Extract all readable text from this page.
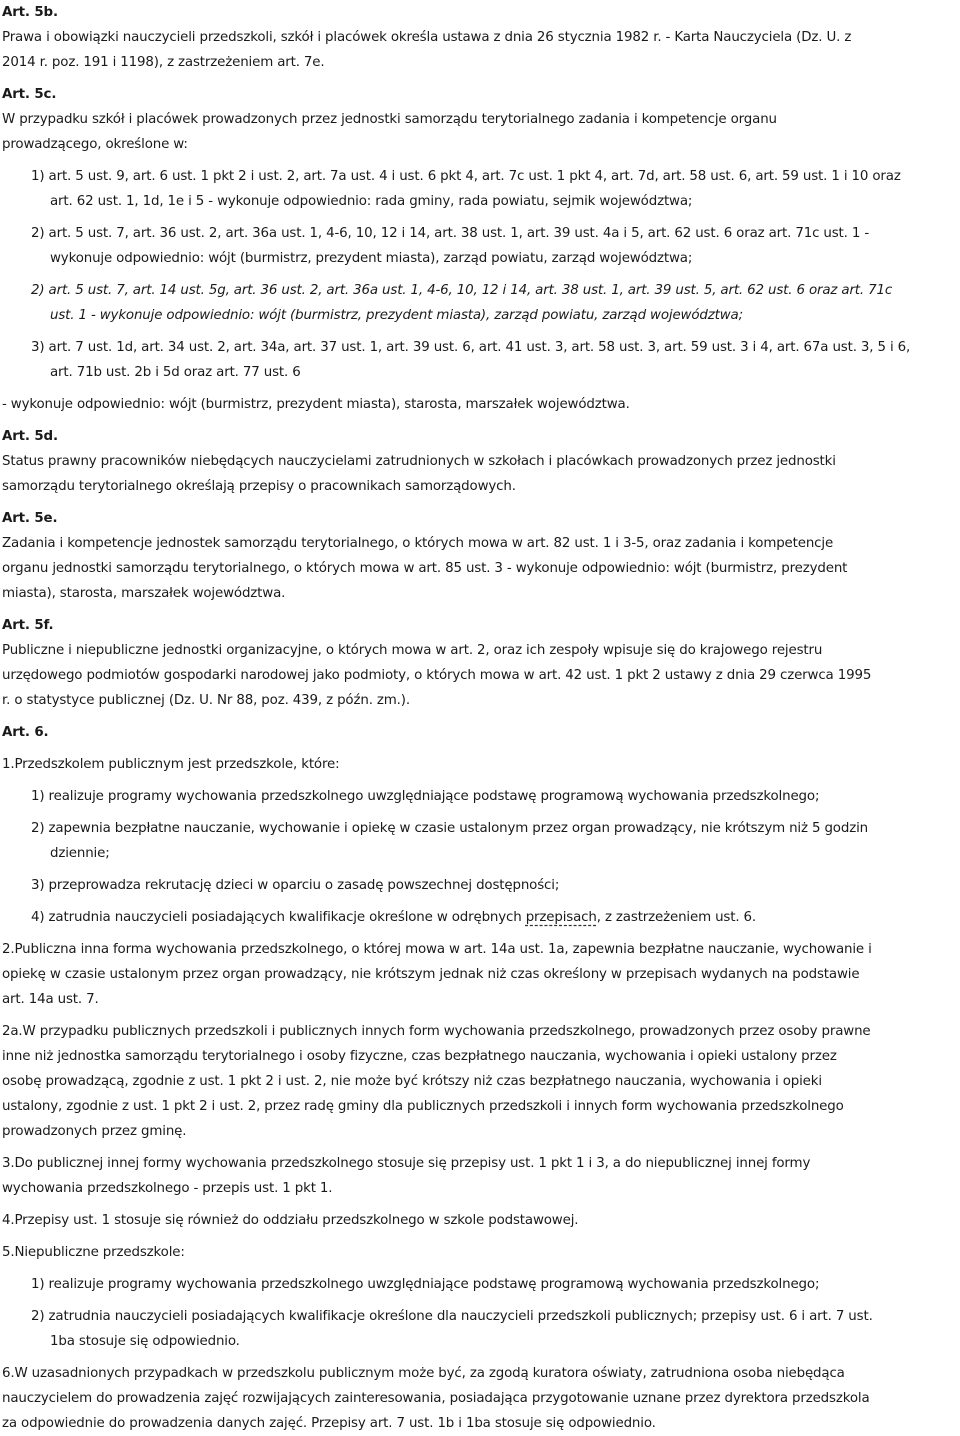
Art. 5b.
Prawa i obowiązki nauczycieli przedszkoli, szkół i placówek określa ustawa z dnia 26 stycznia 1982 r. - Karta Nauczyciela (Dz. U. z
2014 r. poz. 191 i 1198), z zastrzeżeniem art. 7e.
Art. 5c.
W przypadku szkół i placówek prowadzonych przez jednostki samorządu terytorialnego zadania i kompetencje organu
prowadzącego, określone w:
1) art. 5 ust. 9, art. 6 ust. 1 pkt 2 i ust. 2, art. 7a ust. 4 i ust. 6 pkt 4, art. 7c ust. 1 pkt 4, art. 7d, art. 58 ust. 6, art. 59 ust. 1 i 10 oraz
art. 62 ust. 1, 1d, 1e i 5 - wykonuje odpowiednio: rada gminy, rada powiatu, sejmik województwa;
2) art. 5 ust. 7, art. 36 ust. 2, art. 36a ust. 1, 4-6, 10, 12 i 14, art. 38 ust. 1, art. 39 ust. 4a i 5, art. 62 ust. 6 oraz art. 71c ust. 1 -
wykonuje odpowiednio: wójt (burmistrz, prezydent miasta), zarząd powiatu, zarząd województwa;
2) art. 5 ust. 7, art. 14 ust. 5g, art. 36 ust. 2, art. 36a ust. 1, 4-6, 10, 12 i 14, art. 38 ust. 1, art. 39 ust. 5, art. 62 ust. 6 oraz art. 71c
ust. 1 - wykonuje odpowiednio: wójt (burmistrz, prezydent miasta), zarząd powiatu, zarząd województwa;
3) art. 7 ust. 1d, art. 34 ust. 2, art. 34a, art. 37 ust. 1, art. 39 ust. 6, art. 41 ust. 3, art. 58 ust. 3, art. 59 ust. 3 i 4, art. 67a ust. 3, 5 i 6,
art. 71b ust. 2b i 5d oraz art. 77 ust. 6
- wykonuje odpowiednio: wójt (burmistrz, prezydent miasta), starosta, marszałek województwa.
Art. 5d.
Status prawny pracowników niebędących nauczycielami zatrudnionych w szkołach i placówkach prowadzonych przez jednostki
samorządu terytorialnego określają przepisy o pracownikach samorządowych.
Art. 5e.
Zadania i kompetencje jednostek samorządu terytorialnego, o których mowa w art. 82 ust. 1 i 3-5, oraz zadania i kompetencje
organu jednostki samorządu terytorialnego, o których mowa w art. 85 ust. 3 - wykonuje odpowiednio: wójt (burmistrz, prezydent
miasta), starosta, marszałek województwa.
Art. 5f.
Publiczne i niepubliczne jednostki organizacyjne, o których mowa w art. 2, oraz ich zespoły wpisuje się do krajowego rejestru
urzędowego podmiotów gospodarki narodowej jako podmioty, o których mowa w art. 42 ust. 1 pkt 2 ustawy z dnia 29 czerwca 1995
r. o statystyce publicznej (Dz. U. Nr 88, poz. 439, z późn. zm.).
Art. 6.
1.Przedszkolem publicznym jest przedszkole, które:
1) realizuje programy wychowania przedszkolnego uwzględniające podstawę programową wychowania przedszkolnego;
2) zapewnia bezpłatne nauczanie, wychowanie i opiekę w czasie ustalonym przez organ prowadzący, nie krótszym niż 5 godzin
dziennie;
3) przeprowadza rekrutację dzieci w oparciu o zasadę powszechnej dostępności;
4) zatrudnia nauczycieli posiadających kwalifikacje określone w odrębnych przepisach, z zastrzeżeniem ust. 6.
2.Publiczna inna forma wychowania przedszkolnego, o której mowa w art. 14a ust. 1a, zapewnia bezpłatne nauczanie, wychowanie i
opiekę w czasie ustalonym przez organ prowadzący, nie krótszym jednak niż czas określony w przepisach wydanych na podstawie
art. 14a ust. 7.
2a.W przypadku publicznych przedszkoli i publicznych innych form wychowania przedszkolnego, prowadzonych przez osoby prawne
inne niż jednostka samorządu terytorialnego i osoby fizyczne, czas bezpłatnego nauczania, wychowania i opieki ustalony przez
osobę prowadzącą, zgodnie z ust. 1 pkt 2 i ust. 2, nie może być krótszy niż czas bezpłatnego nauczania, wychowania i opieki
ustalony, zgodnie z ust. 1 pkt 2 i ust. 2, przez radę gminy dla publicznych przedszkoli i innych form wychowania przedszkolnego
prowadzonych przez gminę.
3.Do publicznej innej formy wychowania przedszkolnego stosuje się przepisy ust. 1 pkt 1 i 3, a do niepublicznej innej formy
wychowania przedszkolnego - przepis ust. 1 pkt 1.
4.Przepisy ust. 1 stosuje się również do oddziału przedszkolnego w szkole podstawowej.
5.Niepubliczne przedszkole:
1) realizuje programy wychowania przedszkolnego uwzględniające podstawę programową wychowania przedszkolnego;
2) zatrudnia nauczycieli posiadających kwalifikacje określone dla nauczycieli przedszkoli publicznych; przepisy ust. 6 i art. 7 ust.
1ba stosuje się odpowiednio.
6.W uzasadnionych przypadkach w przedszkolu publicznym może być, za zgodą kuratora oświaty, zatrudniona osoba niebędąca
nauczycielem do prowadzenia zajęć rozwijających zainteresowania, posiadająca przygotowanie uznane przez dyrektora przedszkola
za odpowiednie do prowadzenia danych zajęć. Przepisy art. 7 ust. 1b i 1ba stosuje się odpowiednio.
